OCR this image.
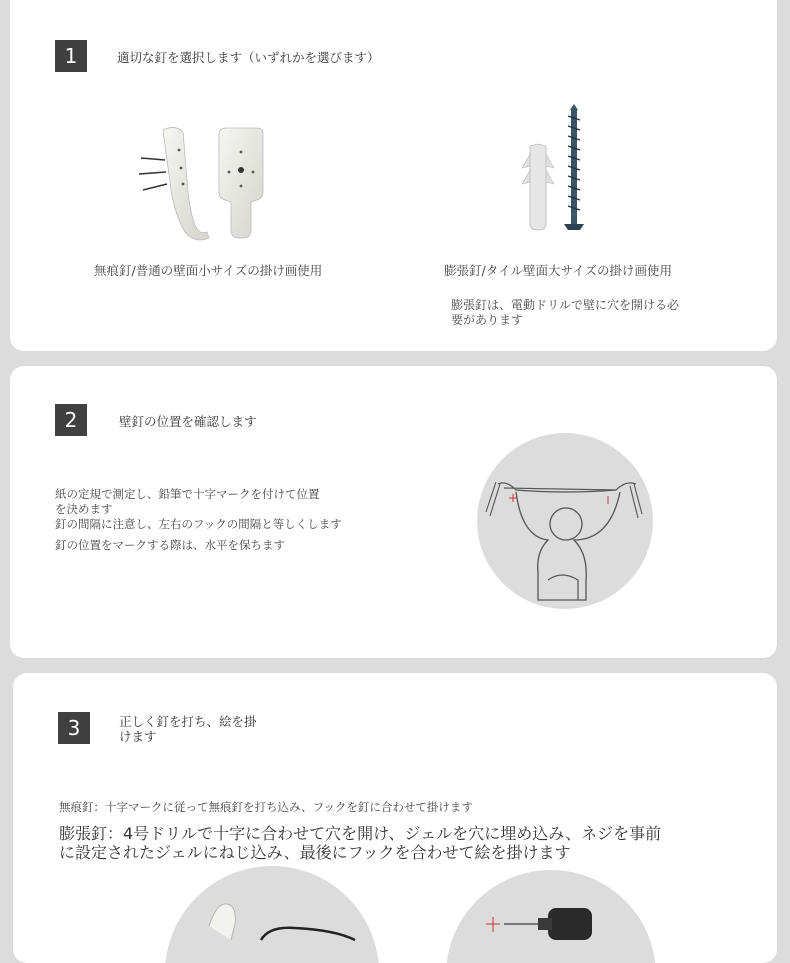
1	適切な釘を選択します（いずれかを選びます）
無痕釘/普通の壁面小サイズの掛け画使用	膨張釘/タイル壁面大サイズの掛け画使用
膨張釘は、電動ドリルで壁に穴を開ける必要があります
2	壁釘の位置を確認します
紙の定規で測定し、鉛筆で十字マークを付けて位置を決めます
釘の間隔に注意し、左右のフックの間隔と等しくします
釘の位置をマークする際は、水平を保ちます
3	正しく釘を打ち、絵を掛けます
無痕釘：十字マークに従って無痕釘を打ち込み、フックを釘に合わせて掛けます
膨張釘：4号ドリルで十字に合わせて穴を開け、ジェルを穴に埋め込み、ネジを事前に設定されたジェルにねじ込み、最後にフックを合わせて絵を掛けます
